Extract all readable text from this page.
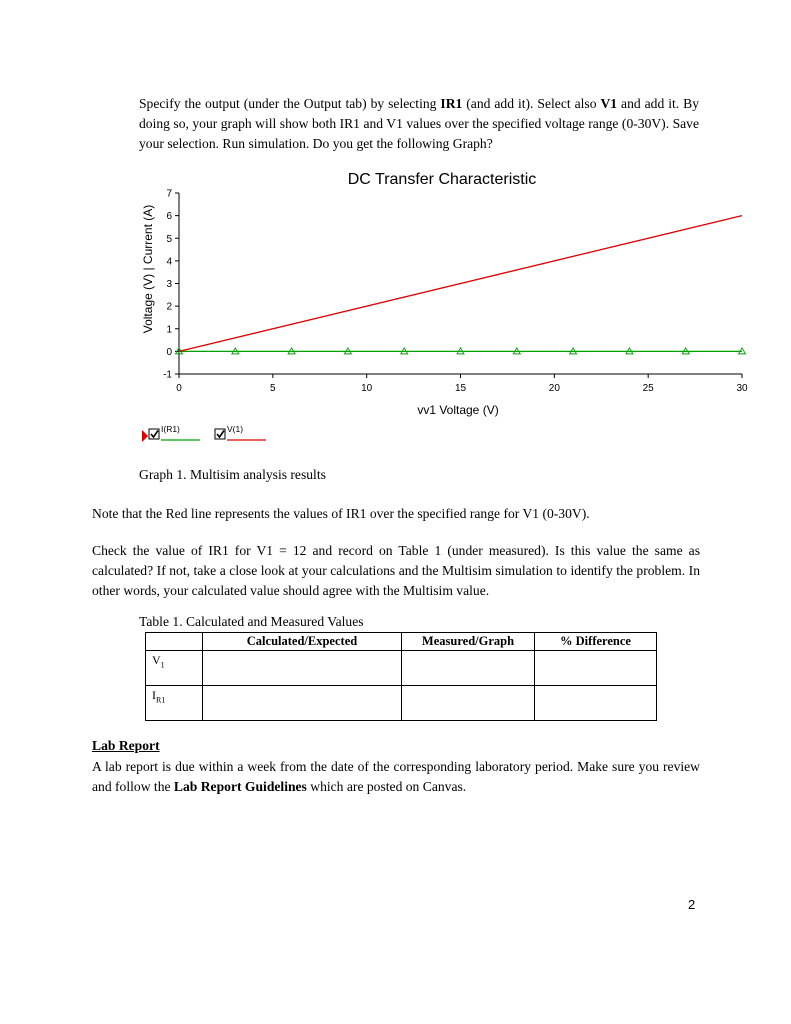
Specify the output (under the Output tab) by selecting IR1 (and add it). Select also V1 and add it. By doing so, your graph will show both IR1 and V1 values over the specified voltage range (0-30V). Save your selection. Run simulation. Do you get the following Graph?
DC Transfer Characteristic
Voltage (V) | Current (A)
vv1 Voltage (V)
7
6
5
4
3
2
1
0
-1
0	5	10	15	20	25	30
I(R1)	V(1)
Graph 1. Multisim analysis results
Note that the Red line represents the values of IR1 over the specified range for V1 (0-30V).
Check the value of IR1 for V1 = 12 and record on Table 1 (under measured). Is this value the same as calculated? If not, take a close look at your calculations and the Multisim simulation to identify the problem. In other words, your calculated value should agree with the Multisim value.
Table 1. Calculated and Measured Values
	Calculated/Expected	Measured/Graph	% Difference
$V_1$			
$I_{R1}$			
Lab Report
A lab report is due within a week from the date of the corresponding laboratory period. Make sure you review and follow the Lab Report Guidelines which are posted on Canvas.
2
